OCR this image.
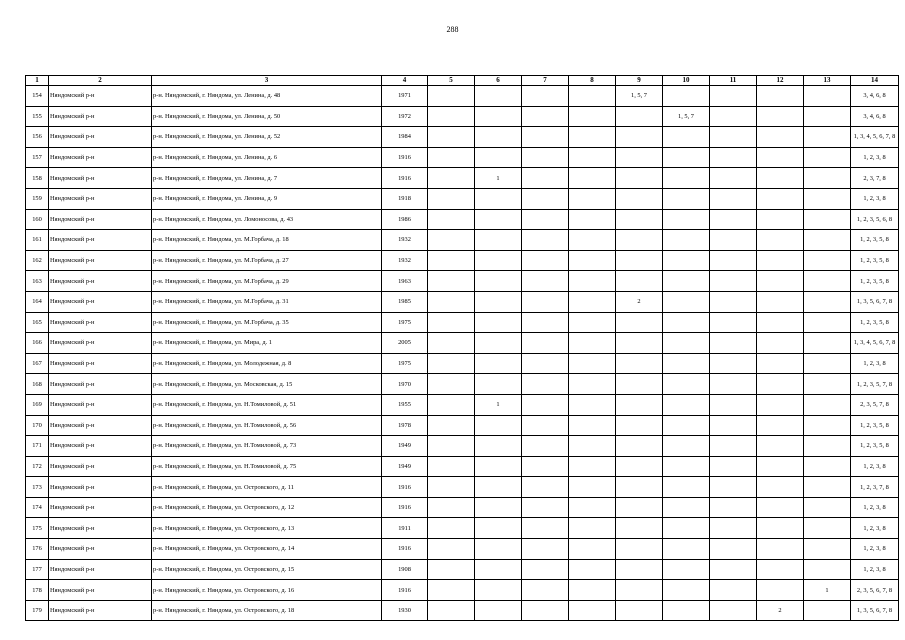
288
1	2	3	4	5	6	7	8	9	10	11	12	13	14
154	Няндомский р-н	р-н. Няндомский, г. Няндома, ул. Ленина, д. 48	1971					1, 5, 7					3, 4, 6, 8
155	Няндомский р-н	р-н. Няндомский, г. Няндома, ул. Ленина, д. 50	1972						1, 5, 7				3, 4, 6, 8
156	Няндомский р-н	р-н. Няндомский, г. Няндома, ул. Ленина, д. 52	1984										1, 3, 4, 5, 6, 7, 8
157	Няндомский р-н	р-н. Няндомский, г. Няндома, ул. Ленина, д. 6	1916										1, 2, 3, 8
158	Няндомский р-н	р-н. Няндомский, г. Няндома, ул. Ленина, д. 7	1916		1								2, 3, 7, 8
159	Няндомский р-н	р-н. Няндомский, г. Няндома, ул. Ленина, д. 9	1918										1, 2, 3, 8
160	Няндомский р-н	р-н. Няндомский, г. Няндома, ул. Ломоносова, д. 43	1986										1, 2, 3, 5, 6, 8
161	Няндомский р-н	р-н. Няндомский, г. Няндома, ул. М.Горбача, д. 18	1932										1, 2, 3, 5, 8
162	Няндомский р-н	р-н. Няндомский, г. Няндома, ул. М.Горбача, д. 27	1932										1, 2, 3, 5, 8
163	Няндомский р-н	р-н. Няндомский, г. Няндома, ул. М.Горбача, д. 29	1963										1, 2, 3, 5, 8
164	Няндомский р-н	р-н. Няндомский, г. Няндома, ул. М.Горбача, д. 31	1985					2					1, 3, 5, 6, 7, 8
165	Няндомский р-н	р-н. Няндомский, г. Няндома, ул. М.Горбача, д. 35	1975										1, 2, 3, 5, 8
166	Няндомский р-н	р-н. Няндомский, г. Няндома, ул. Мира, д. 1	2005										1, 3, 4, 5, 6, 7, 8
167	Няндомский р-н	р-н. Няндомский, г. Няндома, ул. Молодежная, д. 8	1975										1, 2, 3, 8
168	Няндомский р-н	р-н. Няндомский, г. Няндома, ул. Московская, д. 15	1970										1, 2, 3, 5, 7, 8
169	Няндомский р-н	р-н. Няндомский, г. Няндома, ул. Н.Томиловой, д. 51	1955		1								2, 3, 5, 7, 8
170	Няндомский р-н	р-н. Няндомский, г. Няндома, ул. Н.Томиловой, д. 56	1978										1, 2, 3, 5, 8
171	Няндомский р-н	р-н. Няндомский, г. Няндома, ул. Н.Томиловой, д. 73	1949										1, 2, 3, 5, 8
172	Няндомский р-н	р-н. Няндомский, г. Няндома, ул. Н.Томиловой, д. 75	1949										1, 2, 3, 8
173	Няндомский р-н	р-н. Няндомский, г. Няндома, ул. Островского, д. 11	1916										1, 2, 3, 7, 8
174	Няндомский р-н	р-н. Няндомский, г. Няндома, ул. Островского, д. 12	1916										1, 2, 3, 8
175	Няндомский р-н	р-н. Няндомский, г. Няндома, ул. Островского, д. 13	1911										1, 2, 3, 8
176	Няндомский р-н	р-н. Няндомский, г. Няндома, ул. Островского, д. 14	1916										1, 2, 3, 8
177	Няндомский р-н	р-н. Няндомский, г. Няндома, ул. Островского, д. 15	1908										1, 2, 3, 8
178	Няндомский р-н	р-н. Няндомский, г. Няндома, ул. Островского, д. 16	1916									1	2, 3, 5, 6, 7, 8
179	Няндомский р-н	р-н. Няндомский, г. Няндома, ул. Островского, д. 18	1930								2		1, 3, 5, 6, 7, 8
